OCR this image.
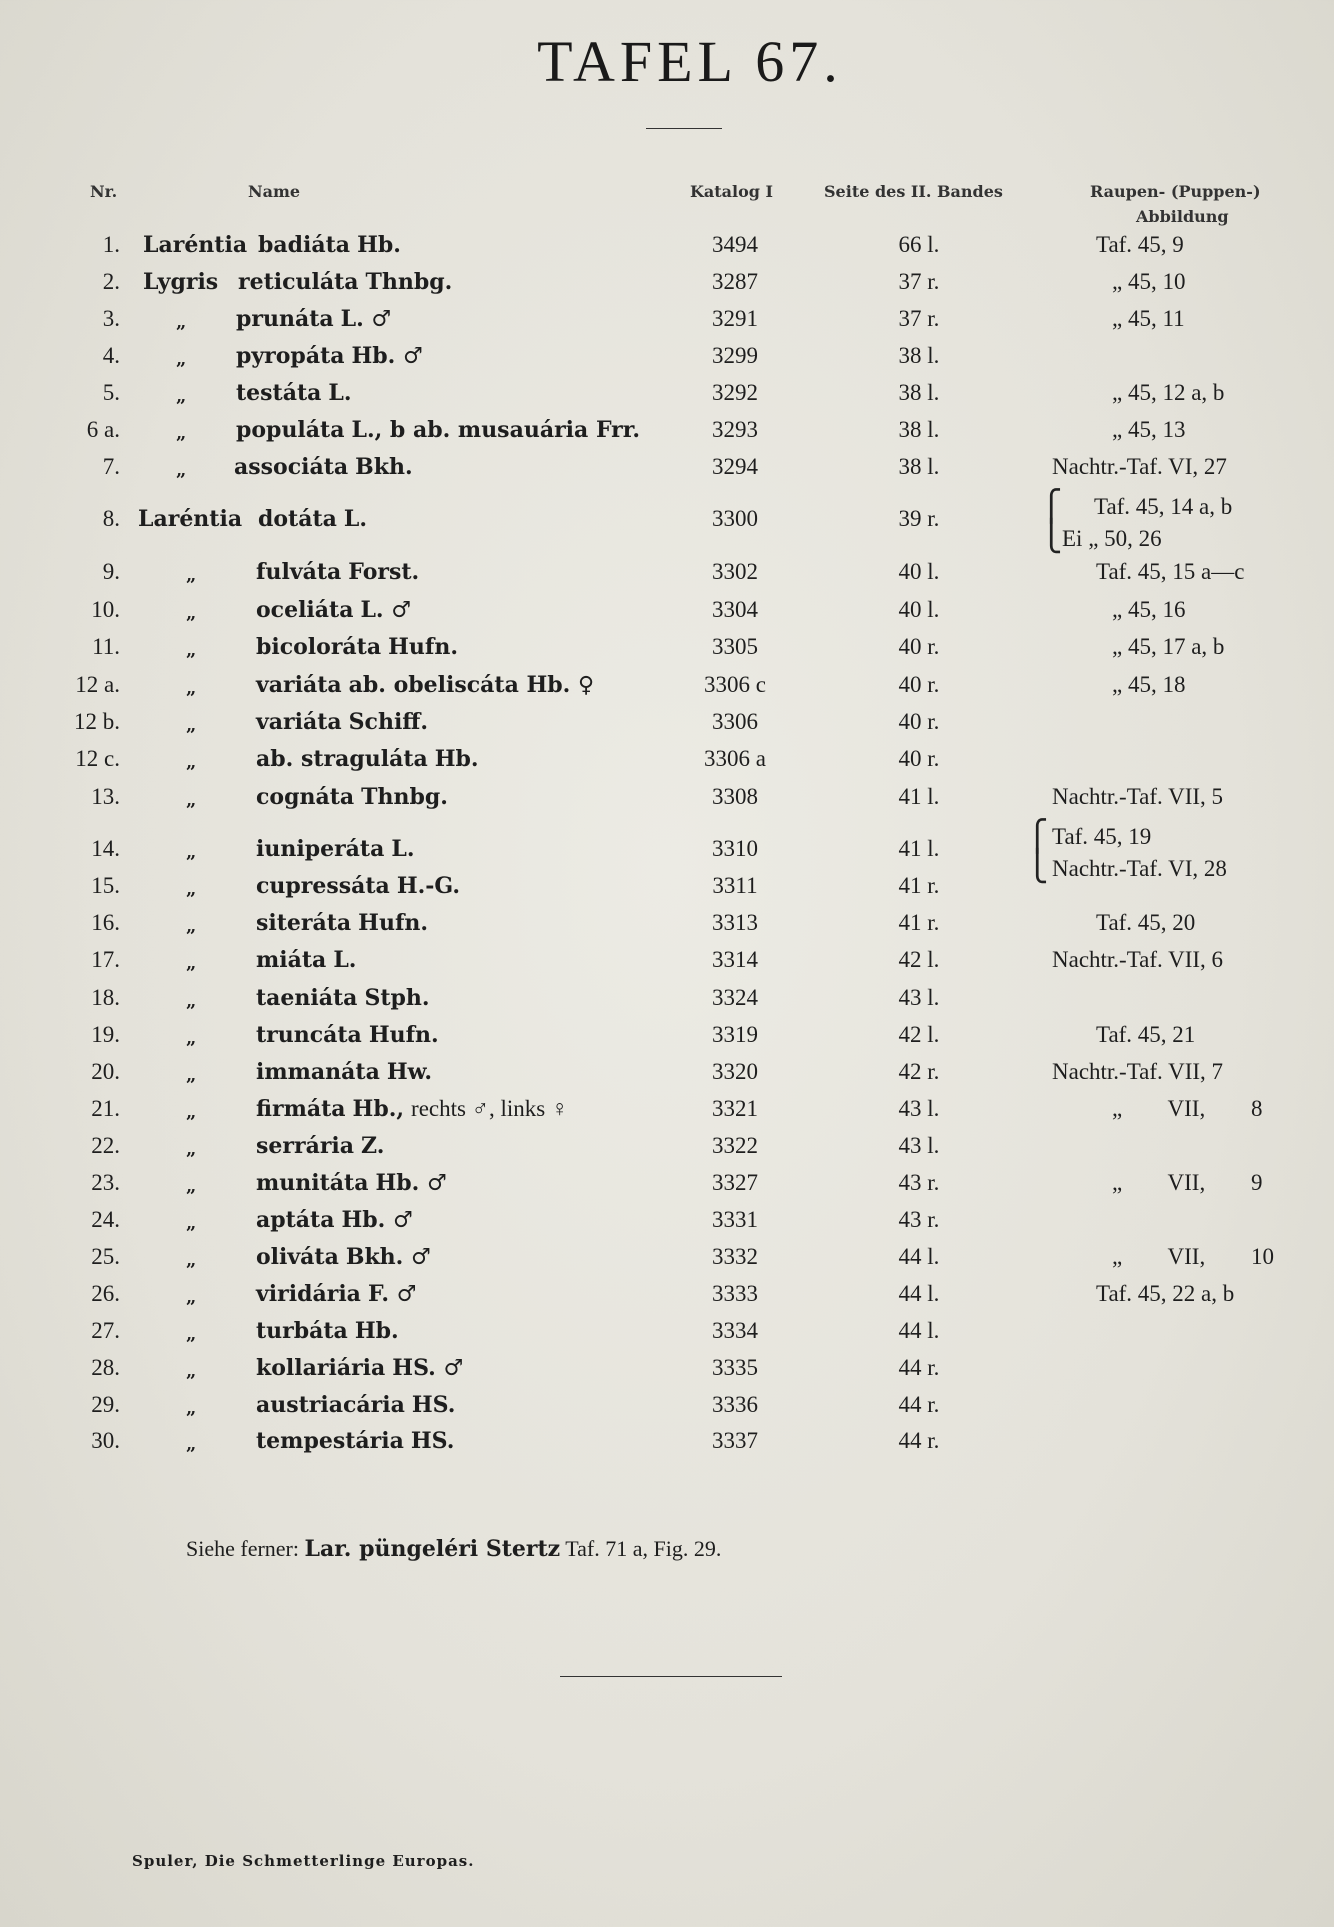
TAFEL 67.
Nr.	Name	Katalog I	Seite des II. Bandes	Raupen- (Puppen-)
Abbildung
1. Laréntia badiáta Hb.	3494	66 l.	Taf. 45, 9
2. Lygris reticuláta Thnbg.	3287	37 r.	„ 45, 10
3.	„ prunáta L. ♂	3291	37 r.	„ 45, 11
4.	„ pyropáta Hb. ♂	3299	38 l.
5.	„ testáta L.	3292	38 l.	„ 45, 12 a, b
6 a.	„ populáta L., b ab. musauária Frr.	3293	38 l.	„ 45, 13
7.	„ associáta Bkh.	3294	38 l.	Nachtr.-Taf. VI, 27
8. Laréntia dotáta L.	3300	39 r.	Taf. 45, 14 a, b
Ei „ 50, 26
⎧
⎩
9.	„	fulváta Forst.	3302	40 l.	Taf. 45, 15 a—c
10.	„	oceliáta L. ♂	3304	40 l.	„ 45, 16
11.	„	bicoloráta Hufn.	3305	40 r.	„ 45, 17 a, b
12 a.	„	variáta ab. obeliscáta Hb. ♀	3306 c	40 r.	„ 45, 18
12 b.	„	variáta Schiff.	3306	40 r.
12 c.	„	ab. straguláta Hb.	3306 a	40 r.
13.	„	cognáta Thnbg.	3308	41 l.	Nachtr.-Taf. VII, 5
14.	„	iuniperáta L.	3310	41 l.	Taf. 45, 19
Nachtr.-Taf. VI, 28
⎧
⎩
15.	„	cupressáta H.-G.	3311	41 r.
16.	„	siteráta Hufn.	3313	41 r.	Taf. 45, 20
17.	„	miáta L.	3314	42 l.	Nachtr.-Taf. VII, 6
18.	„	taeniáta Stph.	3324	43 l.
19.	„	truncáta Hufn.	3319	42 l.	Taf. 45, 21
20.	„	immanáta Hw.	3320	42 r.	Nachtr.-Taf. VII, 7
21.	„	firmáta Hb., rechts ♂, links ♀	3321	43 l.	„ VII, 8
22.	„	serrária Z.	3322	43 l.
23.	„	munitáta Hb. ♂	3327	43 r.	„ VII, 9
24.	„	aptáta Hb. ♂	3331	43 r.
25.	„	oliváta Bkh. ♂	3332	44 l.	„ VII, 10
26.	„	viridária F. ♂	3333	44 l.	Taf. 45, 22 a, b
27.	„	turbáta Hb.	3334	44 l.
28.	„	kollariária HS. ♂	3335	44 r.
29.	„	austriacária HS.	3336	44 r.
30.	„	tempestária HS.	3337	44 r.
Siehe ferner: Lar. püngeléri Stertz Taf. 71 a, Fig. 29.
Spuler, Die Schmetterlinge Europas.
